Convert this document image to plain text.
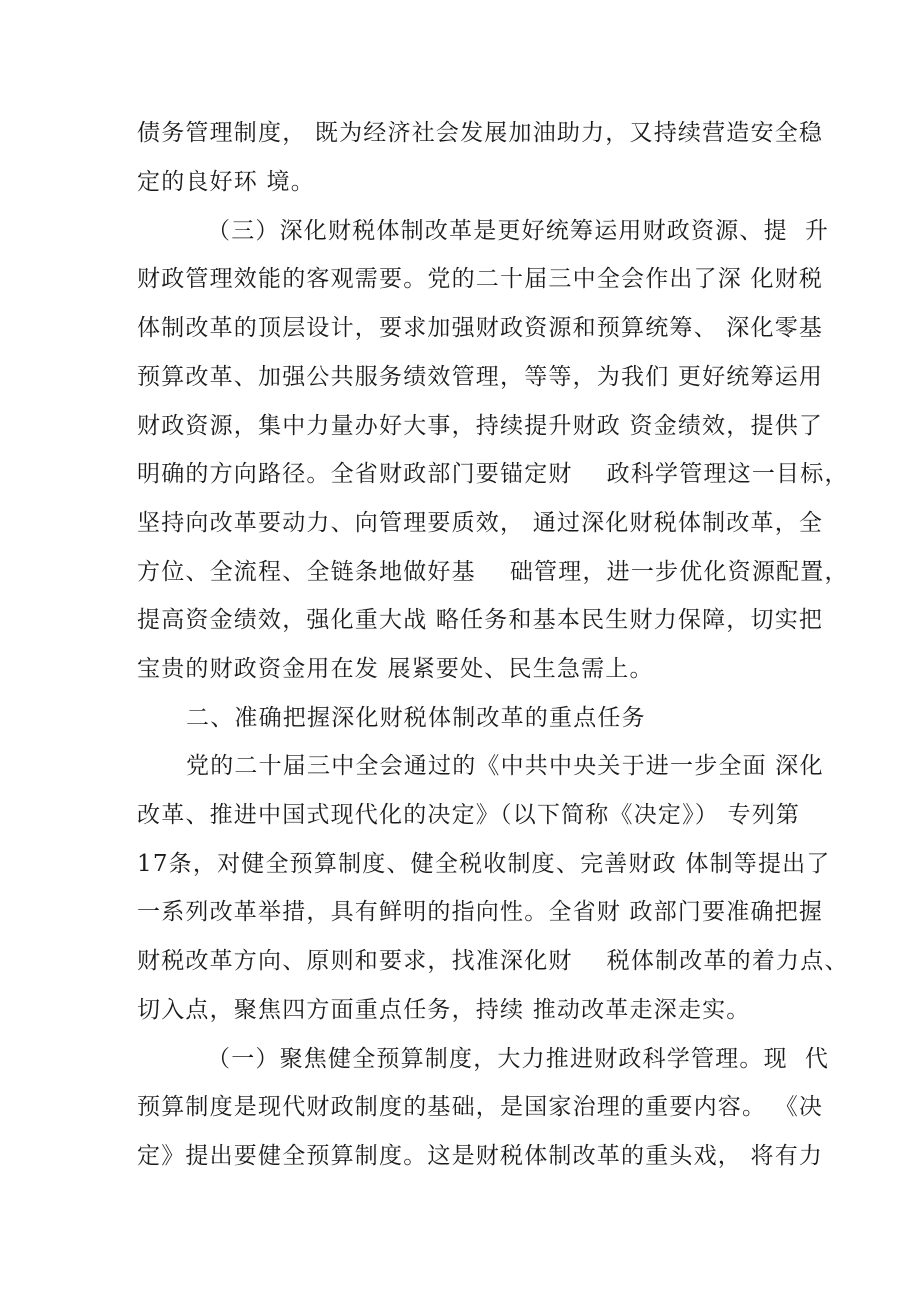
债务管理制度， 既为经济社会发展加油助力，又持续营造安全稳
定的良好环 境。
（三）深化财税体制改革是更好统筹运用财政资源、提  升
财政管理效能的客观需要。党的二十届三中全会作出了深 化财税
体制改革的顶层设计，要求加强财政资源和预算统筹、 深化零基
预算改革、加强公共服务绩效管理，等等，为我们 更好统筹运用
财政资源，集中力量办好大事，持续提升财政 资金绩效，提供了
明确的方向路径。全省财政部门要锚定财    政科学管理这一目标，
坚持向改革要动力、向管理要质效， 通过深化财税体制改革，全
方位、全流程、全链条地做好基    础管理，进一步优化资源配置，
提高资金绩效，强化重大战 略任务和基本民生财力保障，切实把
宝贵的财政资金用在发 展紧要处、民生急需上。
二、准确把握深化财税体制改革的重点任务
党的二十届三中全会通过的《中共中央关于进一步全面 深化
改革、推进中国式现代化的决定》（以下简称《决定》） 专列第
17条，对健全预算制度、健全税收制度、完善财政 体制等提出了
一系列改革举措，具有鲜明的指向性。全省财 政部门要准确把握
财税改革方向、原则和要求，找准深化财    税体制改革的着力点、
切入点，聚焦四方面重点任务，持续 推动改革走深走实。
（一）聚焦健全预算制度，大力推进财政科学管理。现  代
预算制度是现代财政制度的基础，是国家治理的重要内容。 《决
定》提出要健全预算制度。这是财税体制改革的重头戏， 将有力
